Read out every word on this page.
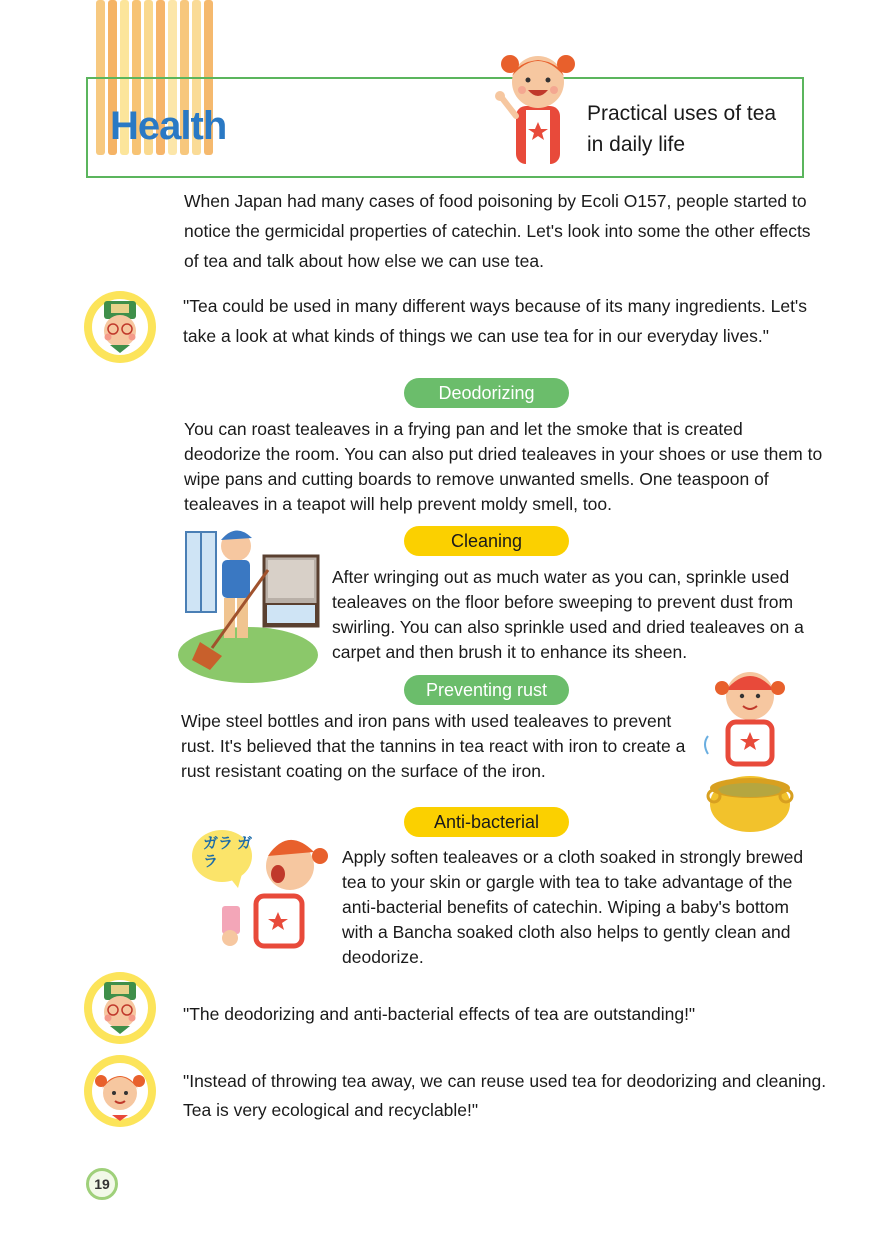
Health	Practical uses of tea
in daily life
When Japan had many cases of food poisoning by Ecoli O157, people started to notice the germicidal properties of catechin. Let's look into some the other effects of tea and talk about how else we can use tea.
"Tea could be used in many different ways because of its many ingredients. Let's take a look at what kinds of things we can use tea for in our everyday lives."
Deodorizing
You can roast tealeaves in a frying pan and let the smoke that is created deodorize the room. You can also put dried tealeaves in your shoes or use them to wipe pans and cutting boards to remove unwanted smells. One teaspoon of tealeaves in a teapot will help prevent moldy smell, too.
Cleaning
After wringing out as much water as you can, sprinkle used tealeaves on the floor before sweeping to prevent dust from swirling. You can also sprinkle used and dried tealeaves on a carpet and then brush it to enhance its sheen.
Preventing rust
Wipe steel bottles and iron pans with used tealeaves to prevent rust. It's believed that the tannins in tea react with iron to create a rust resistant coating on the surface of the iron.
Anti-bacterial
ガラ ガラ	Apply soften tealeaves or a cloth soaked in strongly brewed tea to your skin or gargle with tea to take advantage of the anti-bacterial benefits of catechin. Wiping a baby's bottom with a Bancha soaked cloth also helps to gently clean and deodorize.
"The deodorizing and anti-bacterial effects of tea are outstanding!"
"Instead of throwing tea away, we can reuse used tea for deodorizing and cleaning. Tea is very ecological and recyclable!"
19
